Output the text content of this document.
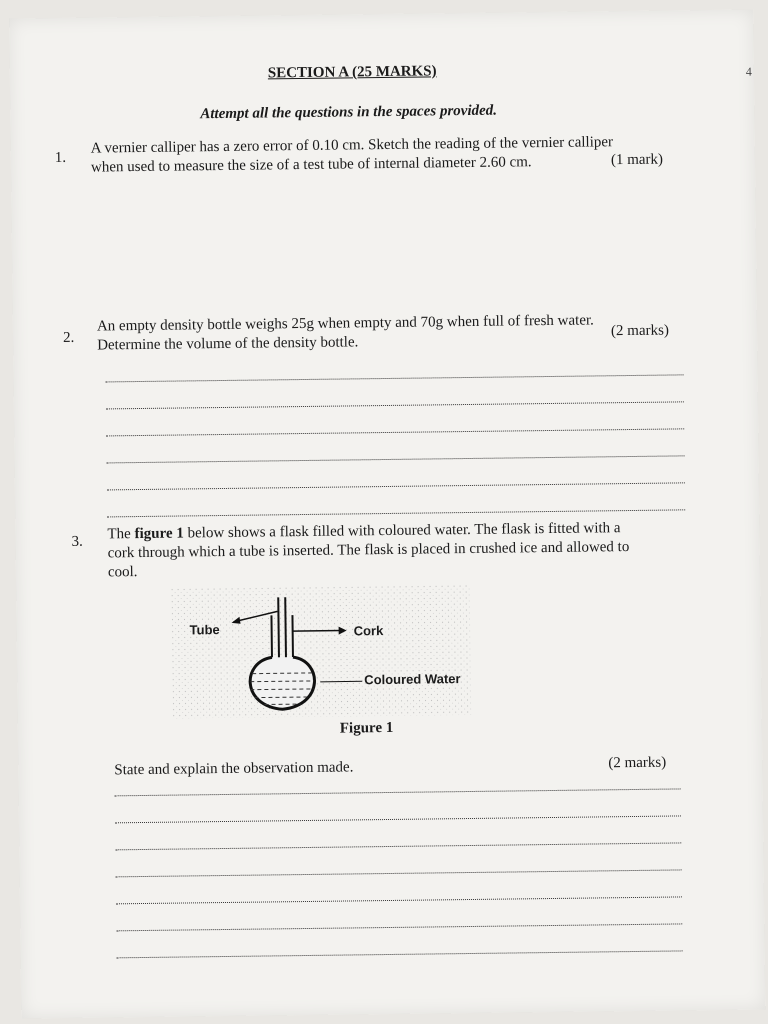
4
SECTION A (25 MARKS)
Attempt all the questions in the spaces provided.
1.
A vernier calliper has a zero error of 0.10 cm. Sketch the reading of the vernier calliper
when used to measure the size of a test tube of internal diameter 2.60 cm.	(1 mark)
2.
An empty density bottle weighs 25g when empty and 70g when full of fresh water.
Determine the volume of the density bottle.
(2 marks)
3. The figure 1 below shows a flask filled with coloured water. The flask is fitted with a
cork through which a tube is inserted. The flask is placed in crushed ice and allowed to
cool.
Tube	Cork
Coloured Water
Figure 1
State and explain the observation made.	(2 marks)
